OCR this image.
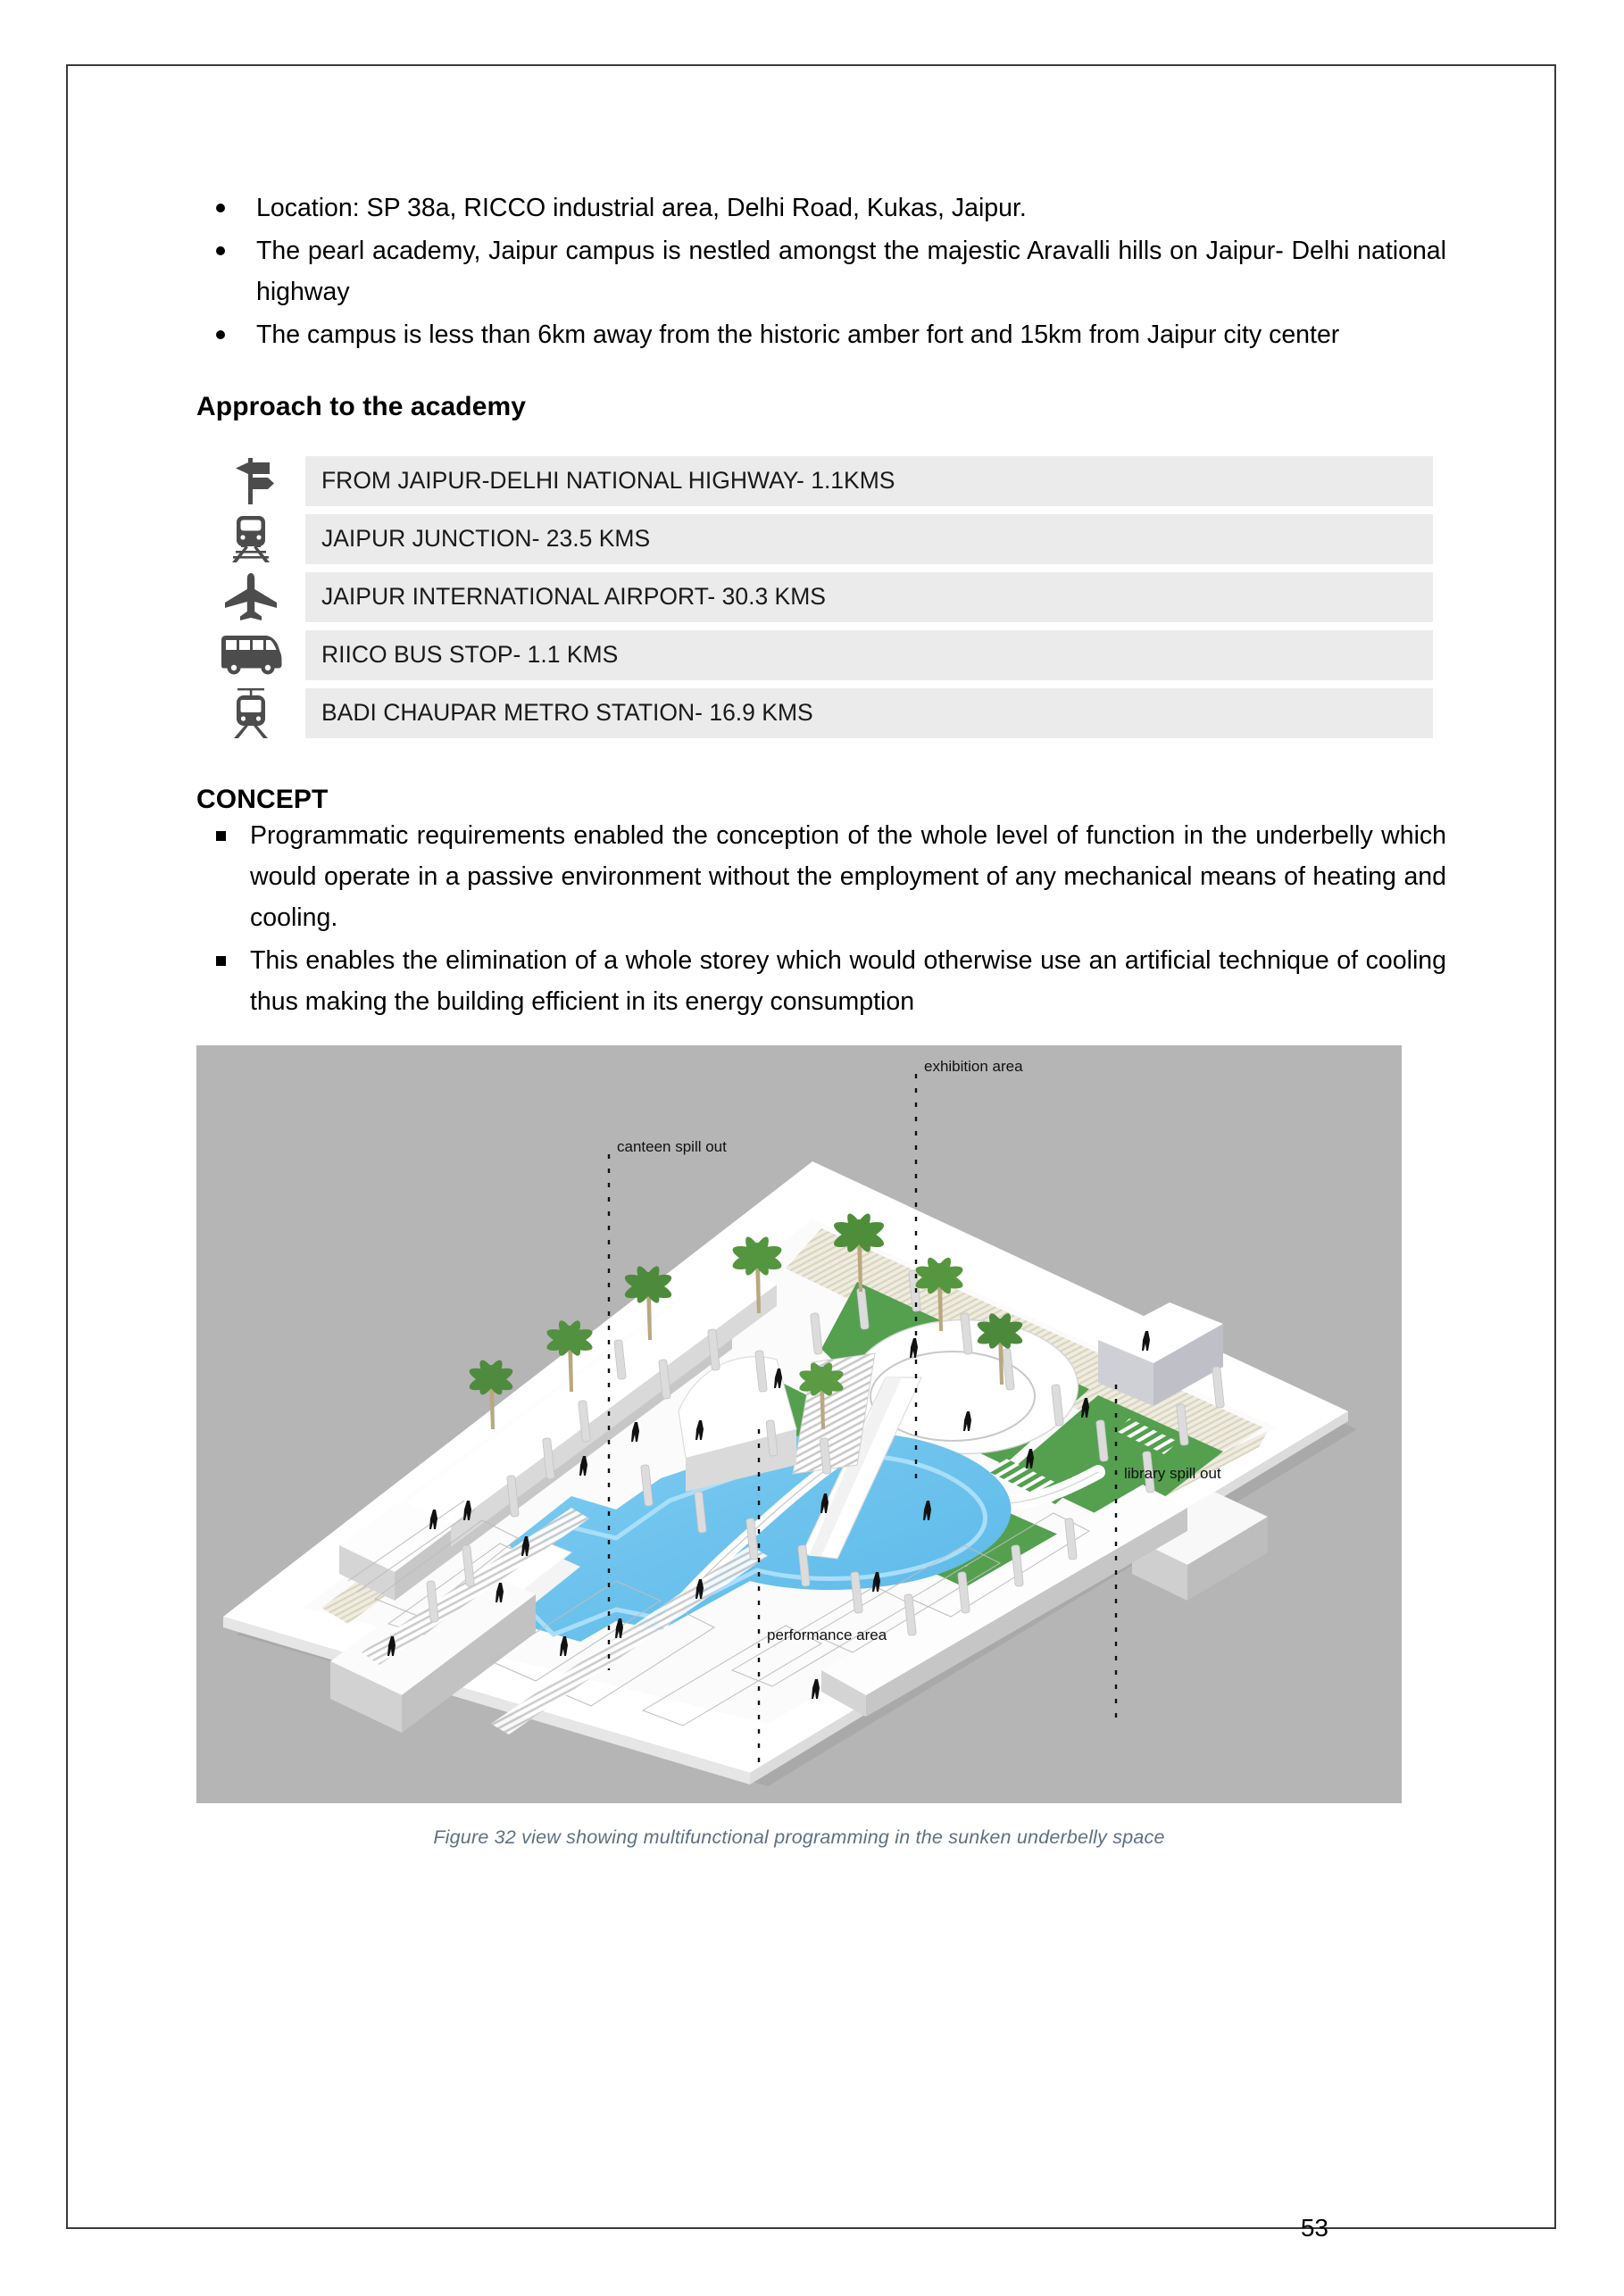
Location: SP 38a, RICCO industrial area, Delhi Road, Kukas, Jaipur.
The pearl academy, Jaipur campus is nestled amongst the majestic Aravalli hills on Jaipur- Delhi national highway
The campus is less than 6km away from the historic amber fort and 15km from Jaipur city center
Approach to the academy
FROM JAIPUR-DELHI NATIONAL HIGHWAY- 1.1KMS
JAIPUR JUNCTION- 23.5 KMS
JAIPUR INTERNATIONAL AIRPORT- 30.3 KMS
RIICO BUS STOP- 1.1 KMS
BADI CHAUPAR METRO STATION- 16.9 KMS
CONCEPT
Programmatic requirements enabled the conception of the whole level of function in the underbelly which would operate in a passive environment without the employment of any mechanical means of heating and cooling.
This enables the elimination of a whole storey which would otherwise use an artificial technique of cooling thus making the building efficient in its energy consumption
exhibition area
canteen spill out
library spill out
performance area
Figure 32 view showing multifunctional programming in the sunken underbelly space
53
